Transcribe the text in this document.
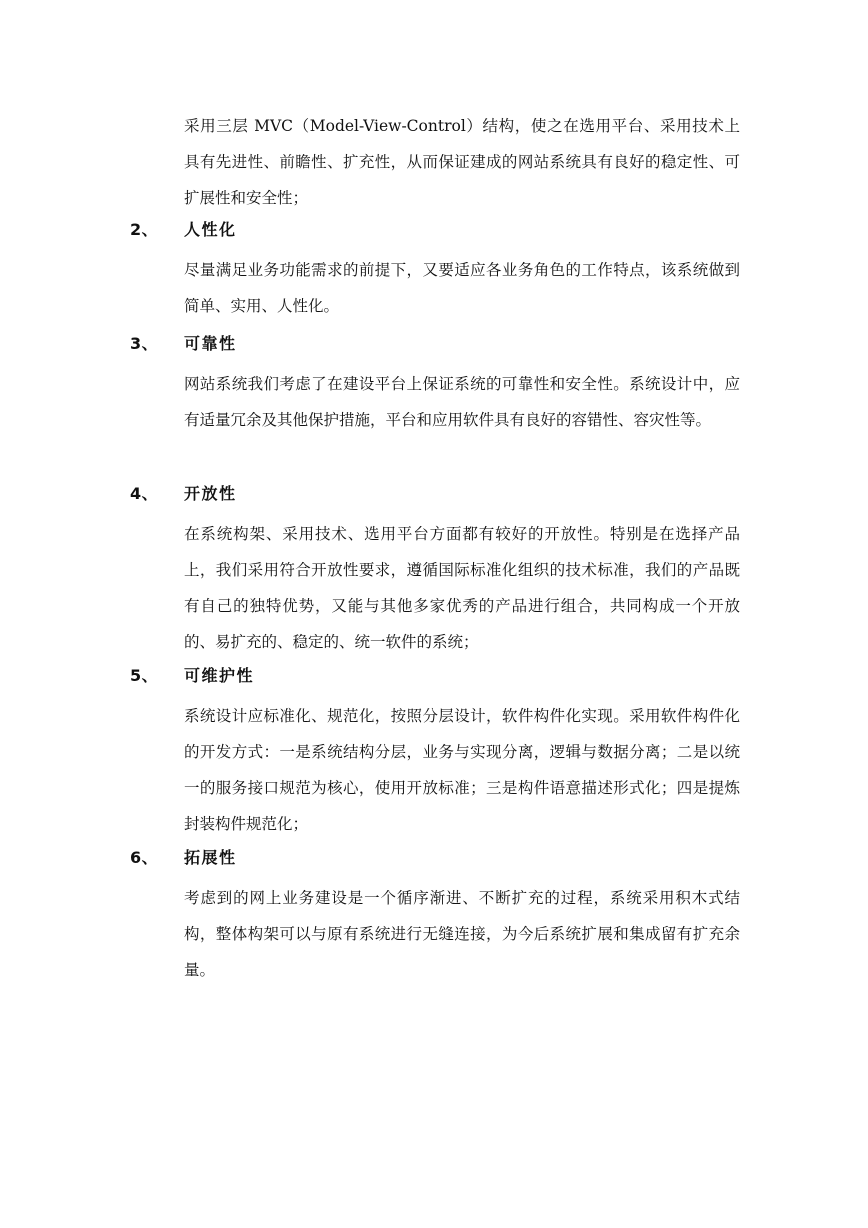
采用三层 MVC（Model-View-Control）结构，使之在选用平台、采用技术上具有先进性、前瞻性、扩充性，从而保证建成的网站系统具有良好的稳定性、可扩展性和安全性；

2、 人性化

尽量满足业务功能需求的前提下，又要适应各业务角色的工作特点，该系统做到简单、实用、人性化。

3、 可靠性

网站系统我们考虑了在建设平台上保证系统的可靠性和安全性。系统设计中，应有适量冗余及其他保护措施，平台和应用软件具有良好的容错性、容灾性等。

4、 开放性

在系统构架、采用技术、选用平台方面都有较好的开放性。特别是在选择产品上，我们采用符合开放性要求，遵循国际标准化组织的技术标准，我们的产品既有自己的独特优势，又能与其他多家优秀的产品进行组合，共同构成一个开放的、易扩充的、稳定的、统一软件的系统；

5、 可维护性

系统设计应标准化、规范化，按照分层设计，软件构件化实现。采用软件构件化的开发方式：一是系统结构分层，业务与实现分离，逻辑与数据分离；二是以统一的服务接口规范为核心，使用开放标准；三是构件语意描述形式化；四是提炼封装构件规范化；

6、 拓展性

考虑到的网上业务建设是一个循序渐进、不断扩充的过程，系统采用积木式结构，整体构架可以与原有系统进行无缝连接，为今后系统扩展和集成留有扩充余量。
